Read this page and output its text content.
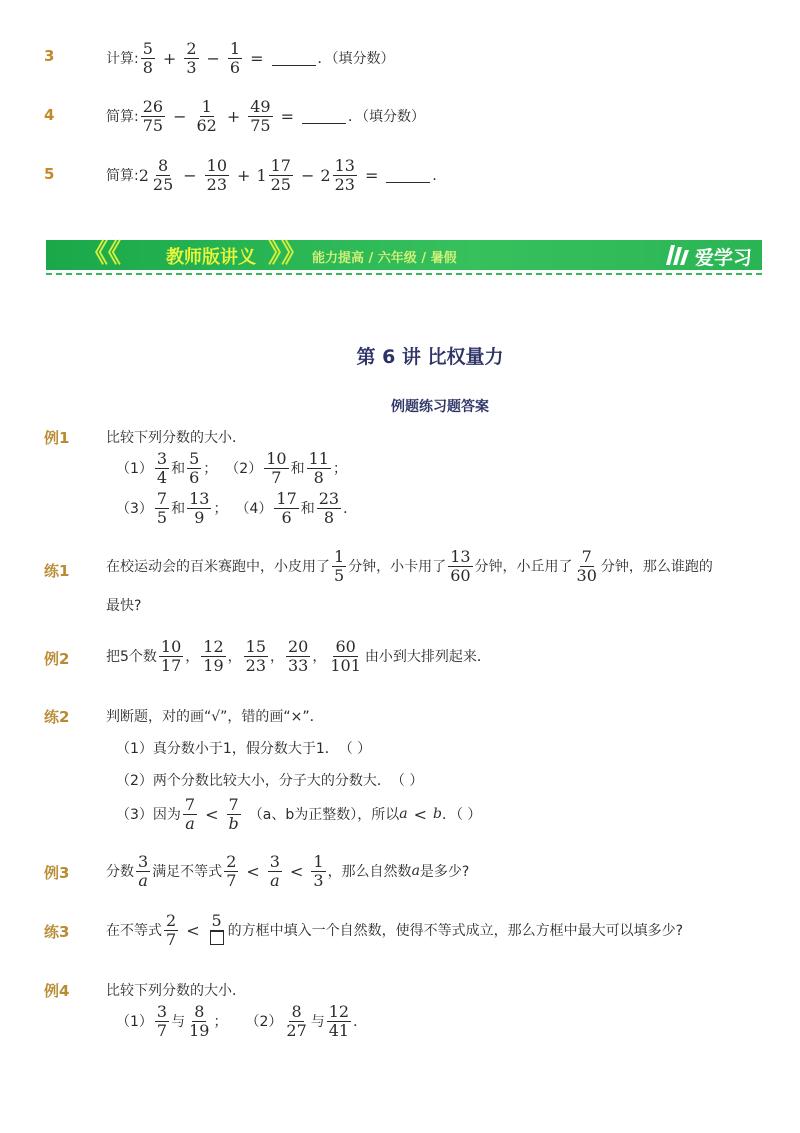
3	计算: $\frac{5}{8} + \frac{2}{3} - \frac{1}{6}$ =	．（填分数）
4	简算: $\frac{26}{75} - \frac{1}{62} + \frac{49}{75}$ =	．（填分数）
5	简算: $2 \frac{8}{25} - \frac{10}{23} + 1 \frac{17}{25} - 2 \frac{13}{23}$ =	．
《《 教师版讲义 》》 能力提高 / 六年级 / 暑假	爱学习
第 6 讲 比权量力
例题练习题答案
例1	比较下列分数的大小．
$(1) \frac{3}{4}$ 和 $\frac{5}{6}$ ； $(2) \frac{10}{7}$ 和 $\frac{11}{8}$ ；
$(3) \frac{7}{5}$ 和 $\frac{13}{9}$ ； $(4) \frac{17}{6}$ 和 $\frac{23}{8}$ ．
练1	在校运动会的百米赛跑中，小皮用了 $\frac{1}{5}$ 分钟，小卡用了 $\frac{13}{60}$ 分钟，小丘用了 $\frac{7}{30}$ 分钟，那么谁跑的
最快?
例2	把5个数 $\frac{10}{17}$ ， $\frac{12}{19}$ ， $\frac{15}{23}$ ， $\frac{20}{33}$ ， $\frac{60}{101}$ 由小到大排列起来．
练2	判断题，对的画“√”，错的画“×”．
（1）真分数小于1，假分数大于1．　（ ）
（2）两个分数比较大小，分子大的分数大．　（ ）
（3）因为 $\frac{7}{a} < \frac{7}{b} (a$、b为正整数），所以 a < b ．（ ）
例3	分数 $\frac{3}{a}$ 满足不等式 $\frac{2}{7} < \frac{3}{a} < \frac{1}{3}$ ，那么自然数 a 是多少?
练3	在不等式 $\frac{2}{7}$ <
5
的方框中填入一个自然数，使得不等式成立，那么方框中最大可以填多少?
例4	比较下列分数的大小．
$(1) \frac{3}{7}$ 与 $\frac{8}{19}$ ； $(2) \frac{8}{27}$ 与 $\frac{12}{41}$ ．
